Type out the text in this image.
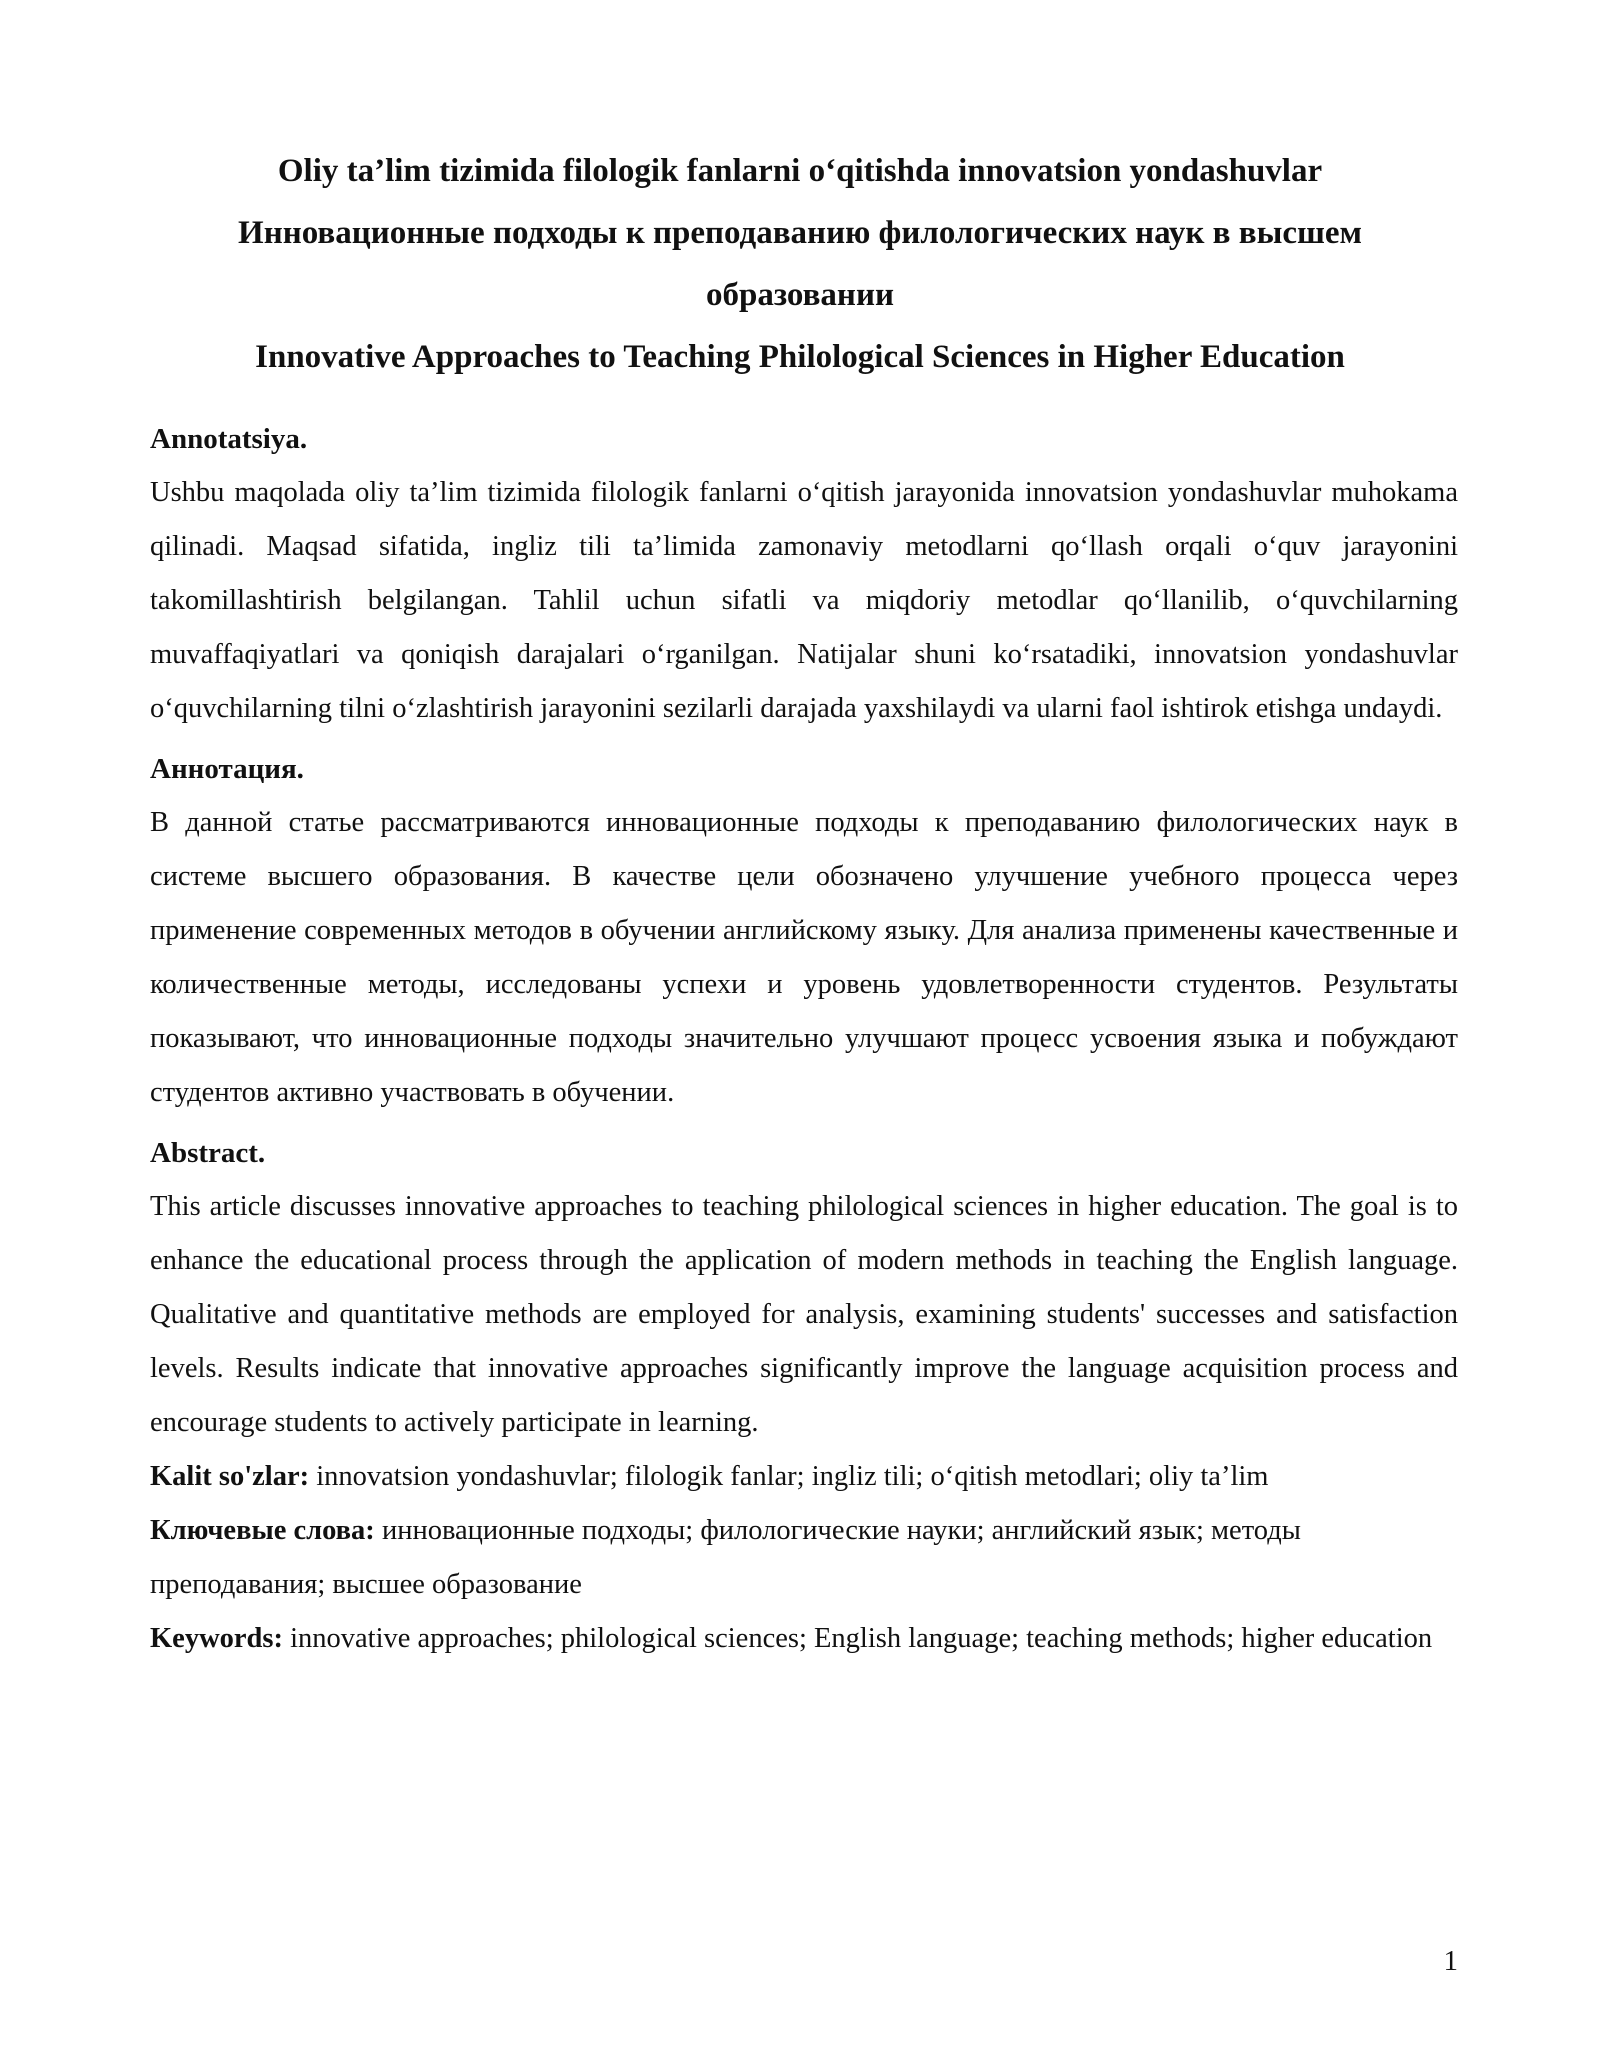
Oliy ta’lim tizimida filologik fanlarni o‘qitishda innovatsion yondashuvlar

Инновационные подходы к преподаванию филологических наук в высшем образовании

Innovative Approaches to Teaching Philological Sciences in Higher Education

Annotatsiya.

Ushbu maqolada oliy ta’lim tizimida filologik fanlarni o‘qitish jarayonida innovatsion yondashuvlar muhokama qilinadi. Maqsad sifatida, ingliz tili ta’limida zamonaviy metodlarni qo‘llash orqali o‘quv jarayonini takomillashtirish belgilangan. Tahlil uchun sifatli va miqdoriy metodlar qo‘llanilib, o‘quvchilarning muvaffaqiyatlari va qoniqish darajalari o‘rganilgan. Natijalar shuni ko‘rsatadiki, innovatsion yondashuvlar o‘quvchilarning tilni o‘zlashtirish jarayonini sezilarli darajada yaxshilaydi va ularni faol ishtirok etishga undaydi.

Аннотация.

В данной статье рассматриваются инновационные подходы к преподаванию филологических наук в системе высшего образования. В качестве цели обозначено улучшение учебного процесса через применение современных методов в обучении английскому языку. Для анализа применены качественные и количественные методы, исследованы успехи и уровень удовлетворенности студентов. Результаты показывают, что инновационные подходы значительно улучшают процесс усвоения языка и побуждают студентов активно участвовать в обучении.

Abstract.

This article discusses innovative approaches to teaching philological sciences in higher education. The goal is to enhance the educational process through the application of modern methods in teaching the English language. Qualitative and quantitative methods are employed for analysis, examining students' successes and satisfaction levels. Results indicate that innovative approaches significantly improve the language acquisition process and encourage students to actively participate in learning.

Kalit so'zlar: innovatsion yondashuvlar; filologik fanlar; ingliz tili; o‘qitish metodlari; oliy ta’lim

Ключевые слова: инновационные подходы; филологические науки; английский язык; методы преподавания; высшее образование

Keywords: innovative approaches; philological sciences; English language; teaching methods; higher education

1
